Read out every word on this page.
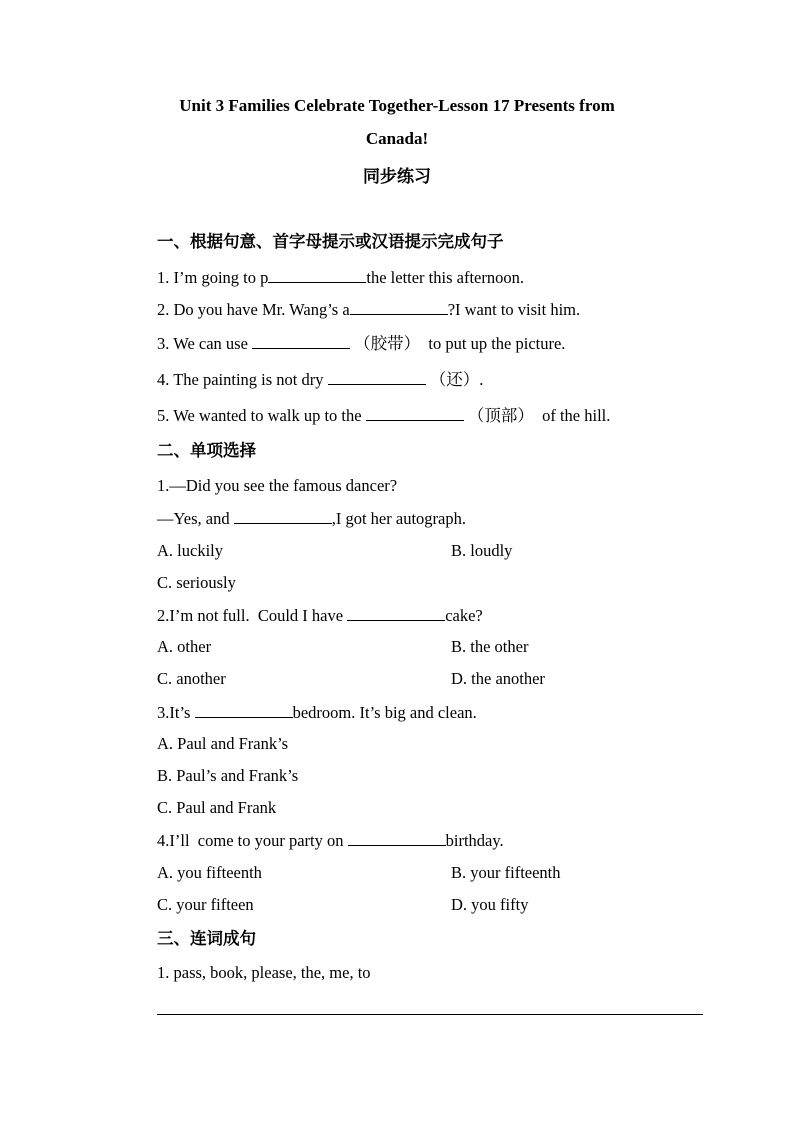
Unit 3 Families Celebrate Together-Lesson 17 Presents from
Canada!
同步练习
一、根据句意、首字母提示或汉语提示完成句子
1. I’m going to p	the letter this afternoon.
2. Do you have Mr. Wang’s a	?I want to visit him.
3. We can use	（胶带）  to put up the picture.
4. The painting is not dry	（还）.
5. We wanted to walk up to the	（顶部）  of the hill.
二、单项选择
1.—Did you see the famous dancer?
—Yes, and	,I got her autograph.
A. luckily	B. loudly
C. seriously
2.I’m not full.  Could I have	cake?
A. other	B. the other
C. another	D. the another
3.It’s	bedroom. It’s big and clean.
A. Paul and Frank’s
B. Paul’s and Frank’s
C. Paul and Frank
4.I’ll  come to your party on	birthday.
A. you fifteenth	B. your fifteenth
C. your fifteen	D. you fifty
三、连词成句
1. pass, book, please, the, me, to
